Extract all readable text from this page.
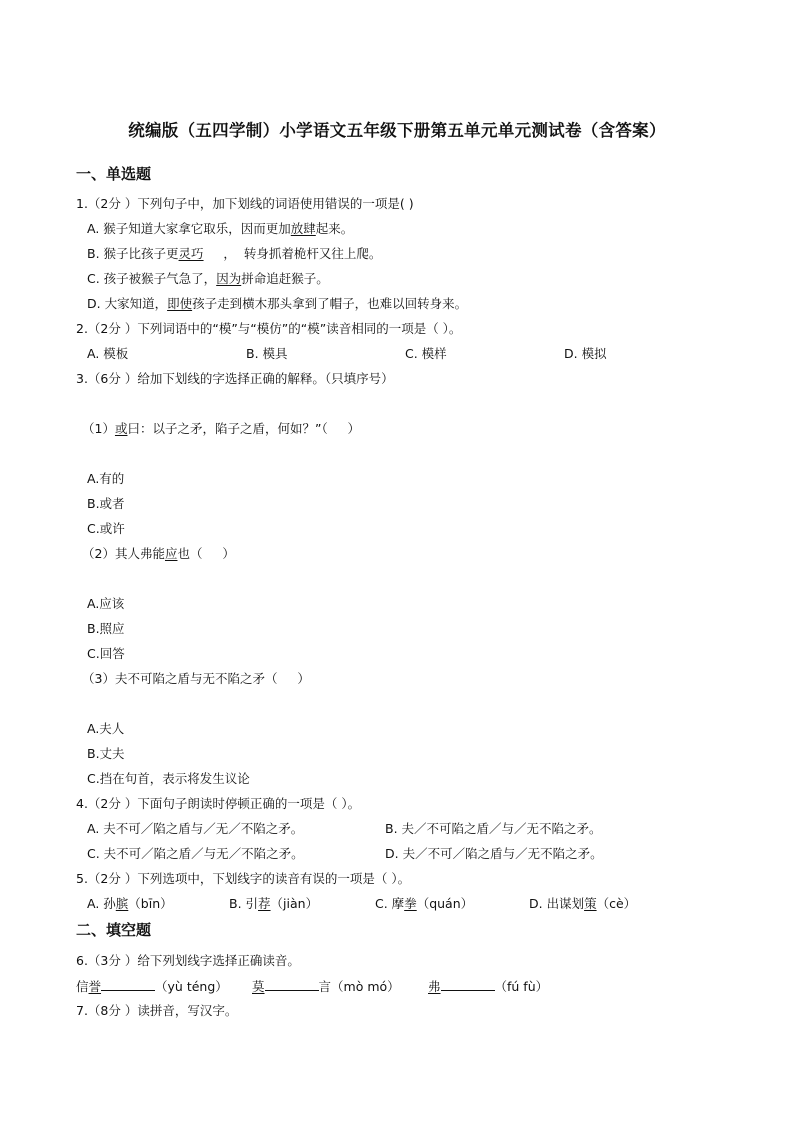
统编版（五四学制）小学语文五年级下册第五单元单元测试卷（含答案）
一、单选题
1.（2分 ）下列句子中，加下划线的词语使用错误的一项是( )
A. 猴子知道大家拿它取乐，因而更加放肆起来。
B. 猴子比孩子更灵巧     ，  转身抓着桅杆又往上爬。
C. 孩子被猴子气急了，因为拼命追赶猴子。
D. 大家知道，即使孩子走到横木那头拿到了帽子，也难以回转身来。
2.（2分 ）下列词语中的“模”与“模仿”的“模”读音相同的一项是（ ）。
A. 模板	B. 模具	C. 模样	D. 模拟
3.（6分 ）给加下划线的字选择正确的解释。（只填序号）
（1）或曰：以子之矛，陷子之盾，何如？”（     ）
A.有的
B.或者
C.或许
（2）其人弗能应也（     ）
A.应该
B.照应
C.回答
（3）夫不可陷之盾与无不陷之矛（     ）
A.夫人
B.丈夫
C.挡在句首，表示将发生议论
4.（2分 ）下面句子朗读时停顿正确的一项是（ ）。
A. 夫不可／陷之盾与／无／不陷之矛。	B. 夫／不可陷之盾／与／无不陷之矛。
C. 夫不可／陷之盾／与无／不陷之矛。	D. 夫／不可／陷之盾与／无不陷之矛。
5.（2分 ）下列选项中，下划线字的读音有误的一项是（ ）。
A. 孙膑（bīn）	B. 引荐（jiàn）	C. 摩拳（quán）	D. 出谋划策（cè）
二、填空题
6.（3分 ）给下列划线字选择正确读音。
信誉	（yù téng） 莫	言（mò mó） 弗	（fú fù）
7.（8分 ）读拼音，写汉字。
